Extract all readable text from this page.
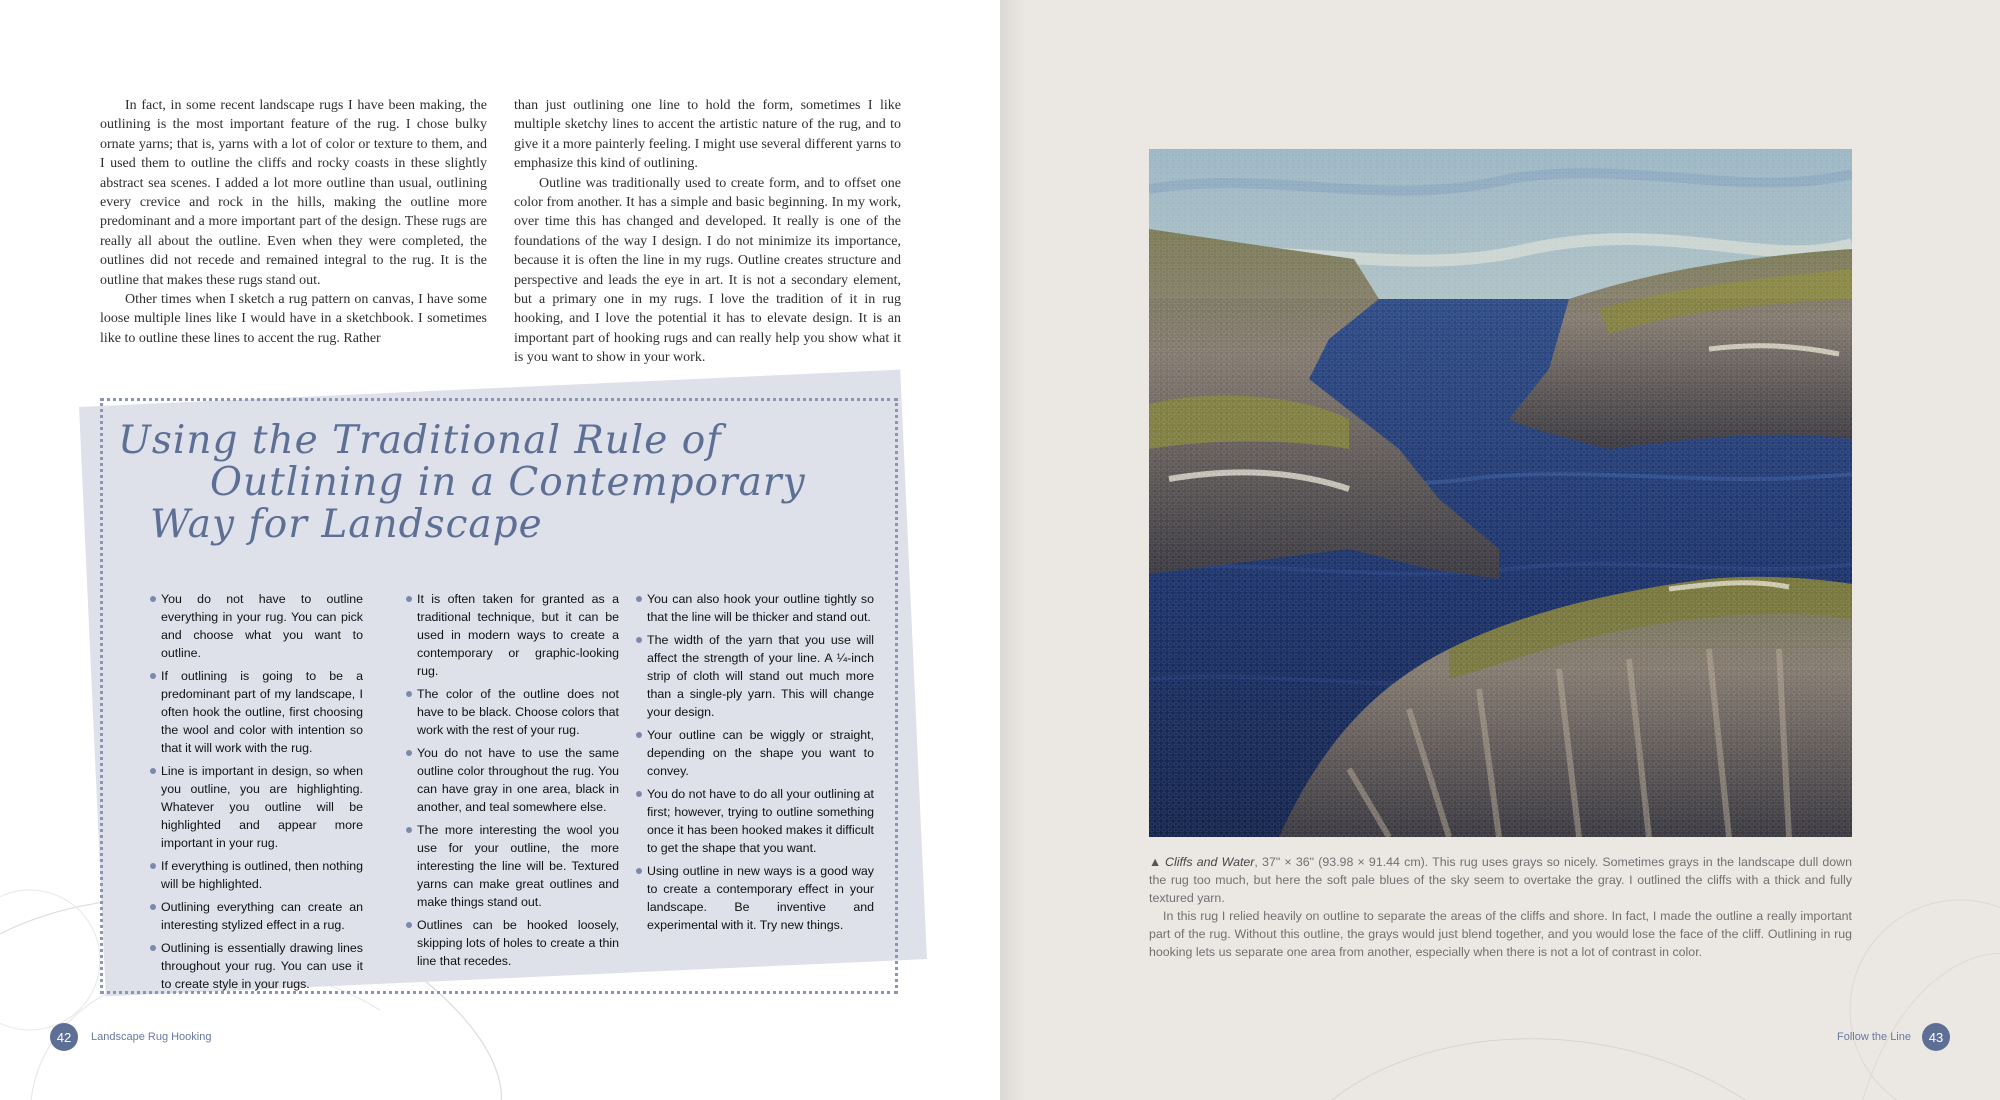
In fact, in some recent landscape rugs I have been making, the outlining is the most important feature of the rug. I chose bulky ornate yarns; that is, yarns with a lot of color or texture to them, and I used them to outline the cliffs and rocky coasts in these slightly abstract sea scenes. I added a lot more outline than usual, outlining every crevice and rock in the hills, making the outline more predominant and a more important part of the design. These rugs are really all about the outline. Even when they were completed, the outlines did not recede and remained integral to the rug. It is the outline that makes these rugs stand out.

Other times when I sketch a rug pattern on canvas, I have some loose multiple lines like I would have in a sketchbook. I sometimes like to outline these lines to accent the rug. Rather

than just outlining one line to hold the form, sometimes I like multiple sketchy lines to accent the artistic nature of the rug, and to give it a more painterly feeling. I might use several different yarns to emphasize this kind of outlining.

Outline was traditionally used to create form, and to offset one color from another. It has a simple and basic beginning. In my work, over time this has changed and developed. It really is one of the foundations of the way I design. I do not minimize its importance, because it is often the line in my rugs. Outline creates structure and perspective and leads the eye in art. It is not a secondary element, but a primary one in my rugs. I love the tradition of it in rug hooking, and I love the potential it has to elevate design. It is an important part of hooking rugs and can really help you show what it is you want to show in your work.

Using the Traditional Rule of
Outlining in a Contemporary
Way for Landscape
You do not have to outline everything in your rug. You can pick and choose what you want to outline.
If outlining is going to be a predominant part of my landscape, I often hook the outline, first choosing the wool and color with intention so that it will work with the rug.
Line is important in design, so when you outline, you are highlighting. Whatever you outline will be highlighted and appear more important in your rug.
If everything is outlined, then nothing will be highlighted.
Outlining everything can create an interesting stylized effect in a rug.
Outlining is essentially drawing lines throughout your rug. You can use it to create style in your rugs.
It is often taken for granted as a traditional technique, but it can be used in modern ways to create a contemporary or graphic-looking rug.
The color of the outline does not have to be black. Choose colors that work with the rest of your rug.
You do not have to use the same outline color throughout the rug. You can have gray in one area, black in another, and teal somewhere else.
The more interesting the wool you use for your outline, the more interesting the line will be. Textured yarns can make great outlines and make things stand out.
Outlines can be hooked loosely, skipping lots of holes to create a thin line that recedes.
You can also hook your outline tightly so that the line will be thicker and stand out.
The width of the yarn that you use will affect the strength of your line. A ¼-inch strip of cloth will stand out much more than a single-ply yarn. This will change your design.
Your outline can be wiggly or straight, depending on the shape you want to convey.
You do not have to do all your outlining at first; however, trying to outline something once it has been hooked makes it difficult to get the shape that you want.
Using outline in new ways is a good way to create a contemporary effect in your landscape. Be inventive and experimental with it. Try new things.
42	Landscape Rug Hooking

▲ Cliffs and Water, 37" × 36" (93.98 × 91.44 cm). This rug uses grays so nicely. Sometimes grays in the landscape dull down the rug too much, but here the soft pale blues of the sky seem to overtake the gray. I outlined the cliffs with a thick and fully textured yarn.
In this rug I relied heavily on outline to separate the areas of the cliffs and shore. In fact, I made the outline a really important part of the rug. Without this outline, the grays would just blend together, and you would lose the face of the cliff. Outlining in rug hooking lets us separate one area from another, especially when there is not a lot of contrast in color.

Follow the Line	43
